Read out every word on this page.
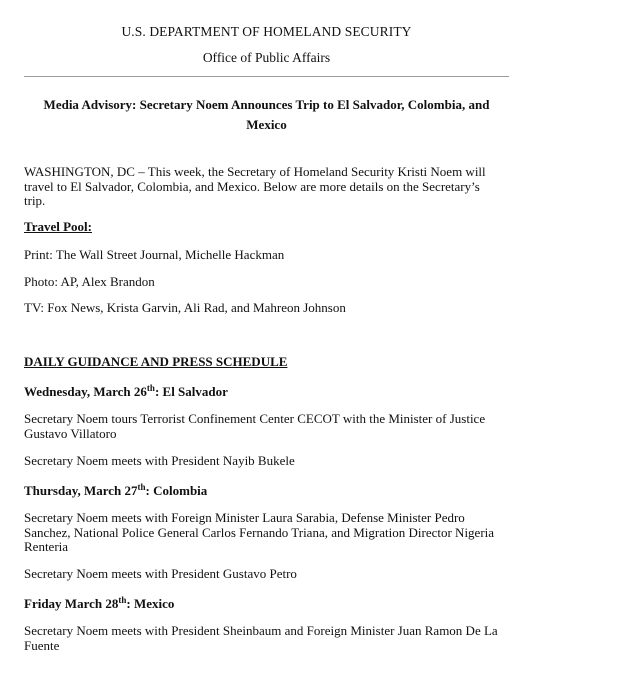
U.S. DEPARTMENT OF HOMELAND SECURITY
Office of Public Affairs
Media Advisory: Secretary Noem Announces Trip to El Salvador, Colombia, and
Mexico
WASHINGTON, DC – This week, the Secretary of Homeland Security Kristi Noem will
travel to El Salvador, Colombia, and Mexico. Below are more details on the Secretary’s
trip.
Travel Pool:
Print: The Wall Street Journal, Michelle Hackman
Photo: AP, Alex Brandon
TV: Fox News, Krista Garvin, Ali Rad, and Mahreon Johnson
DAILY GUIDANCE AND PRESS SCHEDULE
Wednesday, March 26th: El Salvador
Secretary Noem tours Terrorist Confinement Center CECOT with the Minister of Justice
Gustavo Villatoro
Secretary Noem meets with President Nayib Bukele
Thursday, March 27th: Colombia
Secretary Noem meets with Foreign Minister Laura Sarabia, Defense Minister Pedro
Sanchez, National Police General Carlos Fernando Triana, and Migration Director Nigeria
Renteria
Secretary Noem meets with President Gustavo Petro
Friday March 28th: Mexico
Secretary Noem meets with President Sheinbaum and Foreign Minister Juan Ramon De La
Fuente
